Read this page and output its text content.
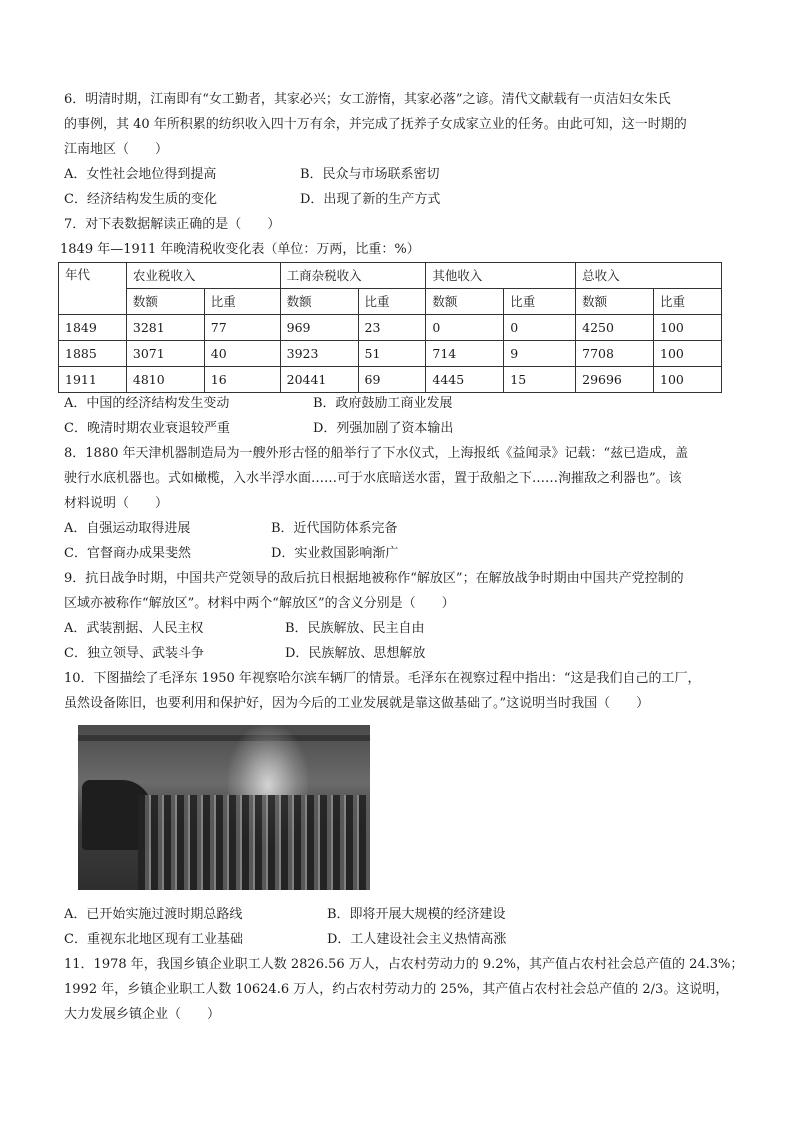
6．明清时期，江南即有“女工勤者，其家必兴；女工游惰，其家必落”之谚。清代文献载有一贞洁妇女朱氏

的事例，其 40 年所积累的纺织收入四十万有余，并完成了抚养子女成家立业的任务。由此可知，这一时期的

江南地区（　　）

A．女性社会地位得到提高	B．民众与市场联系密切
C．经济结构发生质的变化	D．出现了新的生产方式

7．对下表数据解读正确的是（　　）

1849 年—1911 年晚清税收变化表（单位：万两，比重：%）

年代	农业税收入		工商杂税收入		其他收入		总收入	
	数额	比重	数额	比重	数额	比重	数额	比重
1849	3281	77	969	23	0	0	4250	100
1885	3071	40	3923	51	714	9	7708	100
1911	4810	16	20441	69	4445	15	29696	100
A．中国的经济结构发生变动	B．政府鼓励工商业发展
C．晚清时期农业衰退较严重	D．列强加剧了资本输出

8．1880 年天津机器制造局为一艘外形古怪的船举行了下水仪式，上海报纸《益闻录》记载：“兹已造成，盖

驶行水底机器也。式如橄榄，入水半浮水面……可于水底暗送水雷，置于敌船之下……洵摧敌之利器也”。该

材料说明（　　）

A．自强运动取得进展	B．近代国防体系完备
C．官督商办成果斐然	D．实业救国影响渐广

9．抗日战争时期，中国共产党领导的敌后抗日根据地被称作“解放区”；在解放战争时期由中国共产党控制的

区域亦被称作“解放区”。材料中两个“解放区”的含义分别是（　　）

A．武装割据、人民主权	B．民族解放、民主自由
C．独立领导、武装斗争	D．民族解放、思想解放

10．下图描绘了毛泽东 1950 年视察哈尔滨车辆厂的情景。毛泽东在视察过程中指出：“这是我们自己的工厂，

虽然设备陈旧，也要利用和保护好，因为今后的工业发展就是靠这做基础了。”这说明当时我国（　　）

A．已开始实施过渡时期总路线	B．即将开展大规模的经济建设
C．重视东北地区现有工业基础	D．工人建设社会主义热情高涨

11．1978 年，我国乡镇企业职工人数 2826.56 万人，占农村劳动力的 9.2%，其产值占农村社会总产值的 24.3%；

1992 年，乡镇企业职工人数 10624.6 万人，约占农村劳动力的 25%，其产值占农村社会总产值的 2/3。这说明，

大力发展乡镇企业（　　）
